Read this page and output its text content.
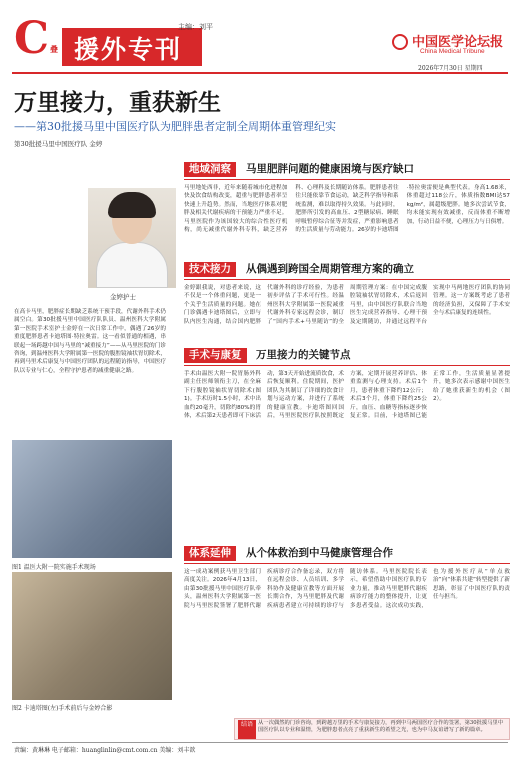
C 叠 援外专刊
主编：刘平
中国医学论坛报
China Medical Tribune
2026年7月30日 星期四
万里接力，重获新生
——第30批援马里中国医疗队为肥胖患者定制全周期体重管理纪实
第30批援马里中国医疗队 金婷
金婷护士
在高卡马里，肥胖症长期缺乏系统干预手段，代谢外科手术仍属空白。第30批援马里中国医疗队队员、温州医科大学附属第一医院手术室护士金婷在一次日常工作中，偶遇了26岁的重度肥胖患者卡迪塔图·特拉奥雷。这一看似普通的相遇，串联起一场跨越中国与马里的“减重接力”——从马里医院的门诊咨询，到温州医科大学附属第一医院的腹腔镜袖状胃切除术，再到马里术后康复与中国医疗团队的远程随访指导，中国医疗队以专业与仁心，全程守护患者的减重健康之路。
图1 温医大附一院实施手术现场
图2 卡迪塔图(左)手术前后与金婷合影
地域洞察	马里肥胖问题的健康困境与医疗缺口
马里地处西非，近年来随着城市化进程加快及饮食结构改变，超重与肥胖患者率呈快速上升趋势。然而，当地医疗体系对肥胖及相关代谢疾病的干预能力严重不足。马里医院作为该国较大的综合性医疗机构，尚无减重代谢外科专科，缺乏营养科、心理科及长期随访体系。肥胖患者往往只能依靠节食运动，缺乏科学指导和系统监测，难以取得持久效果。与此同时，肥胖所引发的高血压、2型糖尿病、睡眠呼吸暂停综合征等并发症，严重影响患者的生活质量与劳动能力。26岁的卡迪塔图·特拉奥雷便是典型代表。身高1.68米，体重超过118公斤，体质指数BMI达57 kg/m²，属超级肥胖。她多次尝试节食，均未能实现有效减重，反而体重不断增加，行动日益不便，心理压力与日俱增。
技术接力	从偶遇到跨国全周期管理方案的确立
金婷跟我说，对患者来说，这不仅是一个体重问题，更是一个关乎生活质量的问题。她在门诊偶遇卡迪塔图后，立即与队内医生沟通，结合国内肥胖代谢外科的诊疗经验，为患者初步评估了手术可行性。经温州医科大学附属第一医院减重代谢外科专家远程会诊，制订了“国内手术+马里随访”的全周期管理方案：在中国完成腹腔镜袖状胃切除术，术后返回马里，由中国医疗队联合当地医生完成营养指导、心理干预及定期随访，并通过远程平台实现中马两地医疗团队的协同管理。这一方案既考虑了患者的经济负担，又保障了手术安全与术后康复的连续性。
手术与康复	万里接力的关键节点
手术由温医大附一院胃肠外科副主任医师领衔主刀，在全麻下行腹腔镜袖状胃切除术(图1)。手术历时1.5小时，术中出血约20毫升，切除约80%的胃体，术后第2天患者即可下床活动，第3天开始进流质饮食，术后恢复顺利。住院期间，医护团队为其制订了详细的饮食计划与运动方案，并进行了系统的健康宣教。卡迪塔图回国后，马里医院医疗队按照既定方案，定期开展营养评估、体重监测与心理支持。术后1个月，患者体重下降约12公斤；术后3个月，体重下降约25公斤，血压、血糖等指标逐步恢复正常。目前，卡迪塔图已能正常工作，生活质量显著提升，她多次表示感谢中国医生给了她重获新生的机会（图2）。
体系延伸	从个体救治到中马健康管理合作
这一成功案例获马里卫生部门高度关注。2026年4月13日，由第30批援马里中国医疗队牵头，温州医科大学附属第一医院与马里医院签署了肥胖代谢疾病诊疗合作备忘录，双方将在远程会诊、人员培训、多学科协作及健康宣教等方面开展长期合作，为马里肥胖及代谢疾病患者建立可持续的诊疗与随访体系。马里医院院长表示，希望借助中国医疗队的专业力量，推动马里肥胖代谢疾病诊疗能力的整体提升，让更多患者受益。这次成功实践，也为援外医疗从“单点救治”向“体系共建”转型提供了新思路，彰显了中国医疗队的责任与担当。
结语 从一次偶然的门诊咨询，到跨越万里的手术与康复接力，再到中马两国医疗合作的签署，第30批援马里中国医疗队以专业和温情，为肥胖患者点亮了重获新生的希望之光，也为中马友谊谱写了新的篇章。
责编：黄琳琳 电子邮箱：huanglinlin@cmt.com.cn 美编：刘丰歆
